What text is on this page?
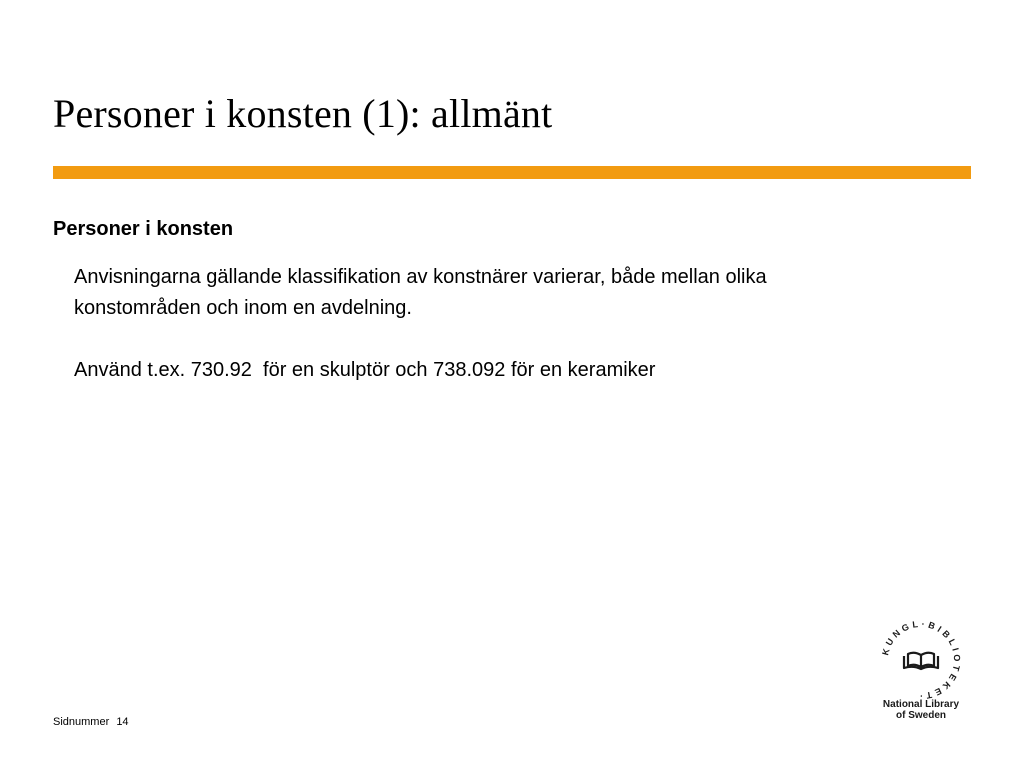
Personer i konsten (1): allmänt
Personer i konsten

Anvisningarna gällande klassifikation av konstnärer varierar, både mellan olika konstområden och inom en avdelning.

Använd t.ex. 730.92  för en skulptör och 738.092 för en keramiker

Sidnummer 14
KUNGL·BIBLIOTEKET·
National Library
of Sweden
